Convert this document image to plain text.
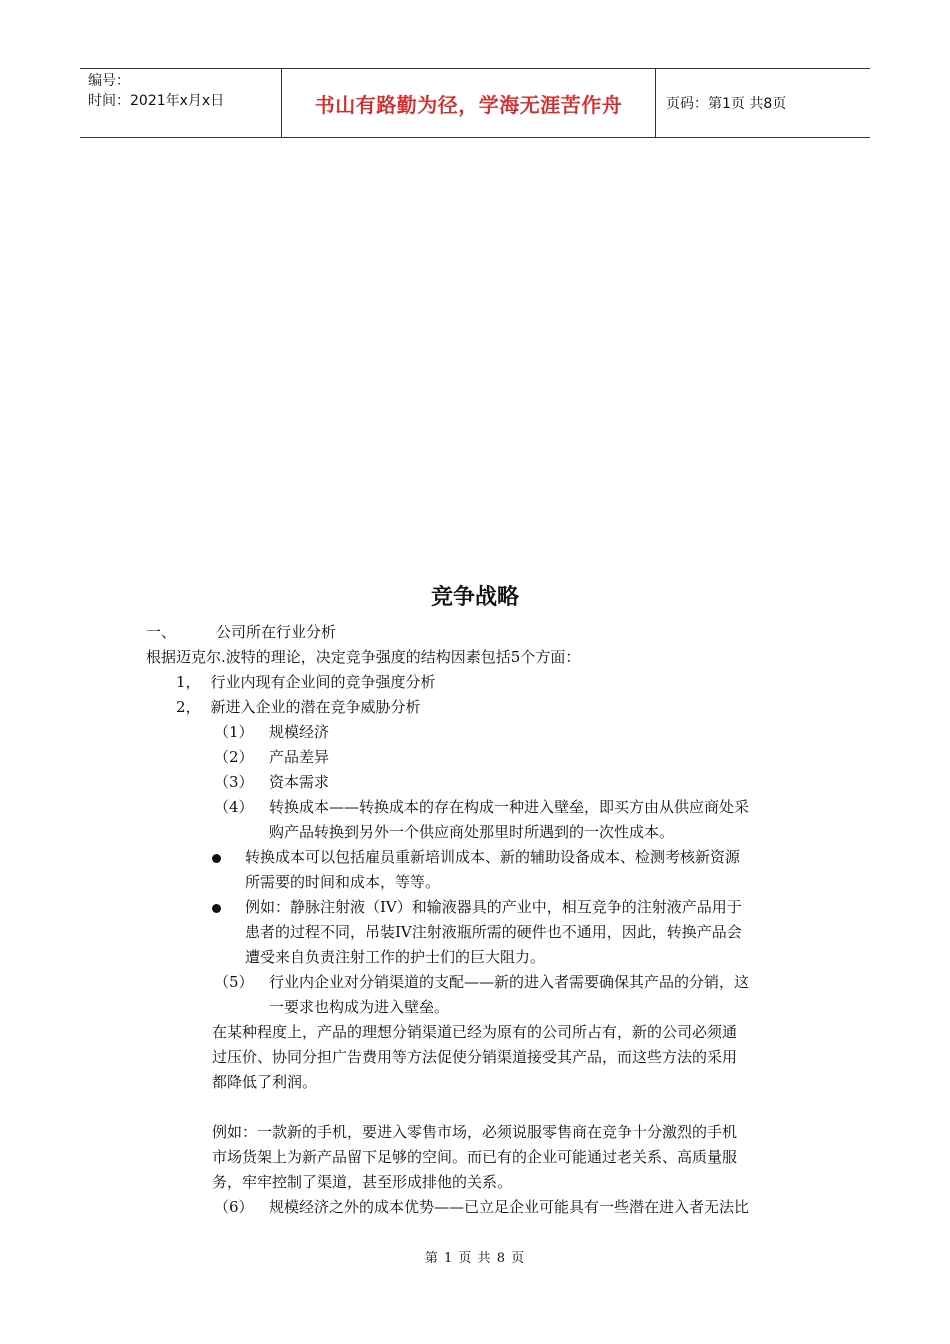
编号：
时间：2021年x月x日	书山有路勤为径，学海无涯苦作舟	页码：第1页 共8页
竞争战略
一、	公司所在行业分析
根据迈克尔.波特的理论，决定竞争强度的结构因素包括5个方面：
1， 行业内现有企业间的竞争强度分析
2， 新进入企业的潜在竞争威胁分析
（1） 规模经济
（2） 产品差异
（3） 资本需求
（4） 转换成本——转换成本的存在构成一种进入壁垒，即买方由从供应商处采
购产品转换到另外一个供应商处那里时所遇到的一次性成本。
转换成本可以包括雇员重新培训成本、新的辅助设备成本、检测考核新资源
所需要的时间和成本，等等。
例如：静脉注射液（IV）和输液器具的产业中，相互竞争的注射液产品用于
患者的过程不同，吊装IV注射液瓶所需的硬件也不通用，因此，转换产品会
遭受来自负责注射工作的护士们的巨大阻力。
（5） 行业内企业对分销渠道的支配——新的进入者需要确保其产品的分销，这
一要求也构成为进入壁垒。
在某种程度上，产品的理想分销渠道已经为原有的公司所占有，新的公司必须通
过压价、协同分担广告费用等方法促使分销渠道接受其产品，而这些方法的采用
都降低了利润。
例如：一款新的手机，要进入零售市场，必须说服零售商在竞争十分激烈的手机
市场货架上为新产品留下足够的空间。而已有的企业可能通过老关系、高质量服
务，牢牢控制了渠道，甚至形成排他的关系。
（6） 规模经济之外的成本优势——已立足企业可能具有一些潜在进入者无法比
第 1 页 共 8 页
